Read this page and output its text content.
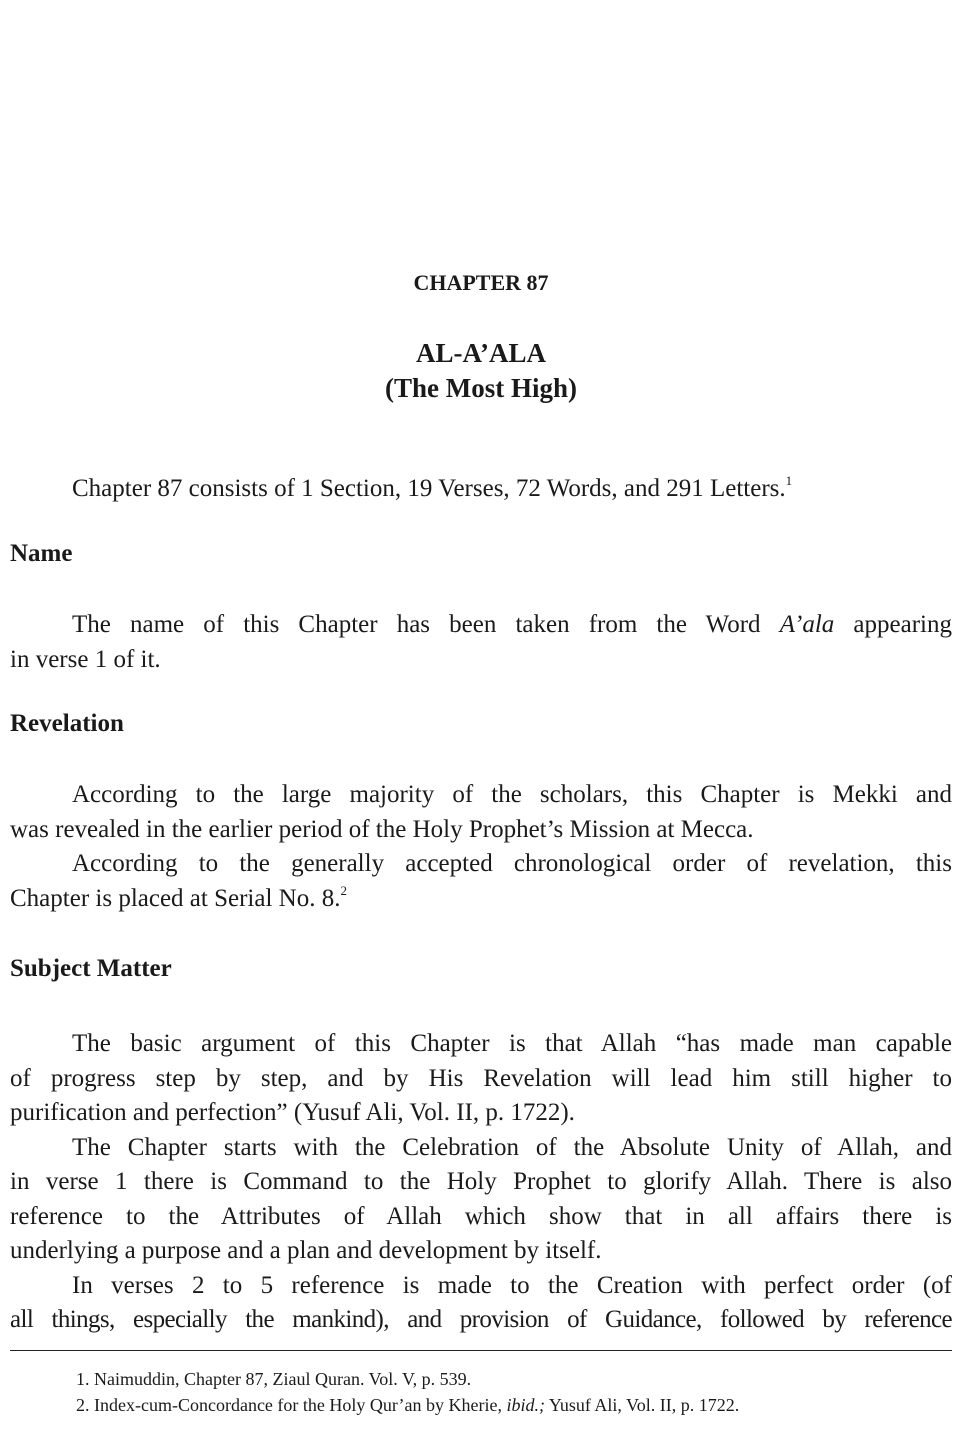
CHAPTER 87
AL-A’ALA
(The Most High)
Chapter 87 consists of 1 Section, 19 Verses, 72 Words, and 291 Letters.$^1$
Name
The name of this Chapter has been taken from the Word A’ala appearing
in verse 1 of it.
Revelation
According to the large majority of the scholars, this Chapter is Mekki and
was revealed in the earlier period of the Holy Prophet’s Mission at Mecca.
According to the generally accepted chronological order of revelation, this
Chapter is placed at Serial No. 8.$^2$
Subject Matter
The basic argument of this Chapter is that Allah “has made man capable
of progress step by step, and by His Revelation will lead him still higher to
purification and perfection” (Yusuf Ali, Vol. II, p. 1722).
The Chapter starts with the Celebration of the Absolute Unity of Allah, and
in verse 1 there is Command to the Holy Prophet to glorify Allah. There is also
reference to the Attributes of Allah which show that in all affairs there is
underlying a purpose and a plan and development by itself.
In verses 2 to 5 reference is made to the Creation with perfect order (of
all things, especially the mankind), and provision of Guidance, followed by reference
1. Naimuddin, Chapter 87, Ziaul Quran. Vol. V, p. 539.
2. Index-cum-Concordance for the Holy Qur’an by Kherie, ibid.; Yusuf Ali, Vol. II, p. 1722.
